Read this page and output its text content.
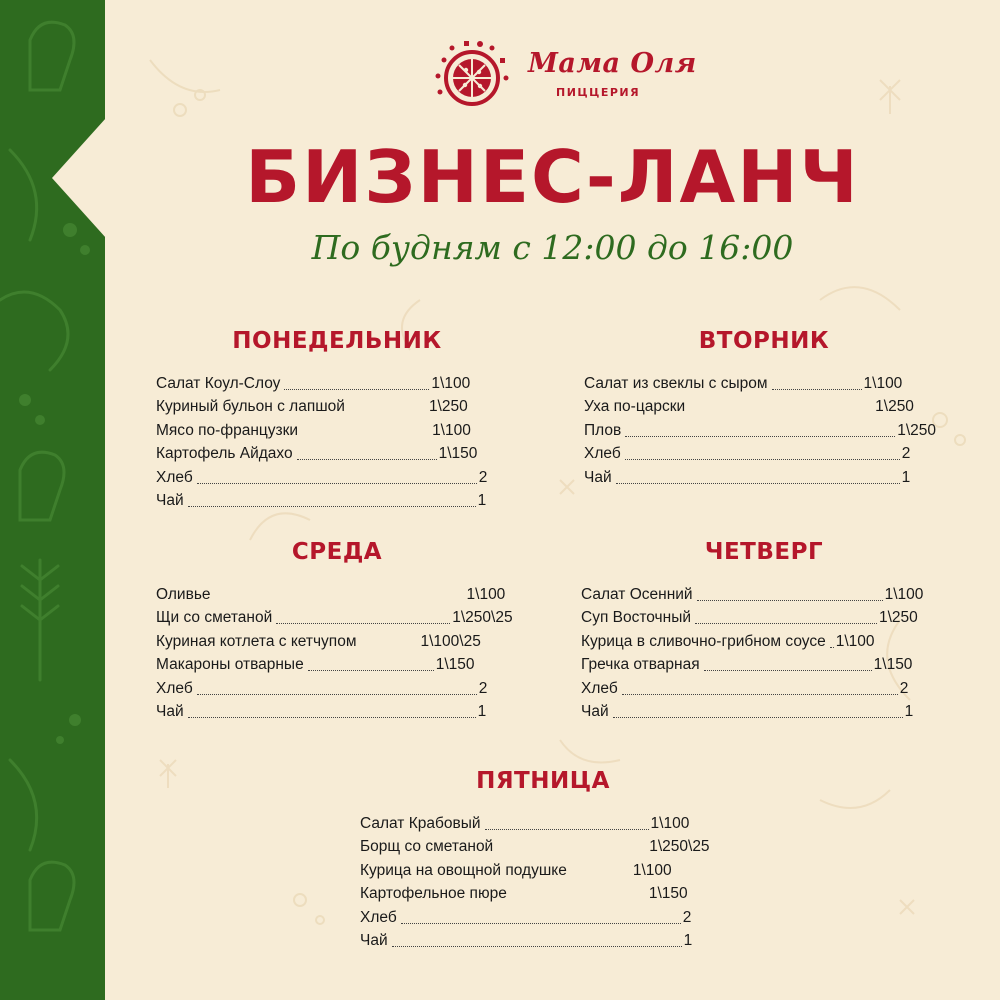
Мама Оля
ПИЦЦЕРИЯ
БИЗНЕС-ЛАНЧ
По будням с 12:00 до 16:00
ПОНЕДЕЛЬНИК
Салат Коул-Слоу	1\100
Куриный бульон с лапшой	1\250
Мясо по-французки	1\100
Картофель Айдахо	1\150
Хлеб	2
Чай	1
ВТОРНИК
Салат из свеклы с сыром	1\100
Уха по-царски	1\250
Плов	1\250
Хлеб	2
Чай	1
СРЕДА
Оливье	1\100
Щи со сметаной	1\250\25
Куриная котлета с кетчупом	1\100\25
Макароны отварные	1\150
Хлеб	2
Чай	1
ЧЕТВЕРГ
Салат Осенний	1\100
Суп Восточный	1\250
Курица в сливочно-грибном соусе 1\100
Гречка отварная	1\150
Хлеб	2
Чай	1
ПЯТНИЦА
Салат Крабовый	1\100
Борщ со сметаной	1\250\25
Курица на овощной подушке	1\100
Картофельное пюре	1\150
Хлеб	2
Чай	1
